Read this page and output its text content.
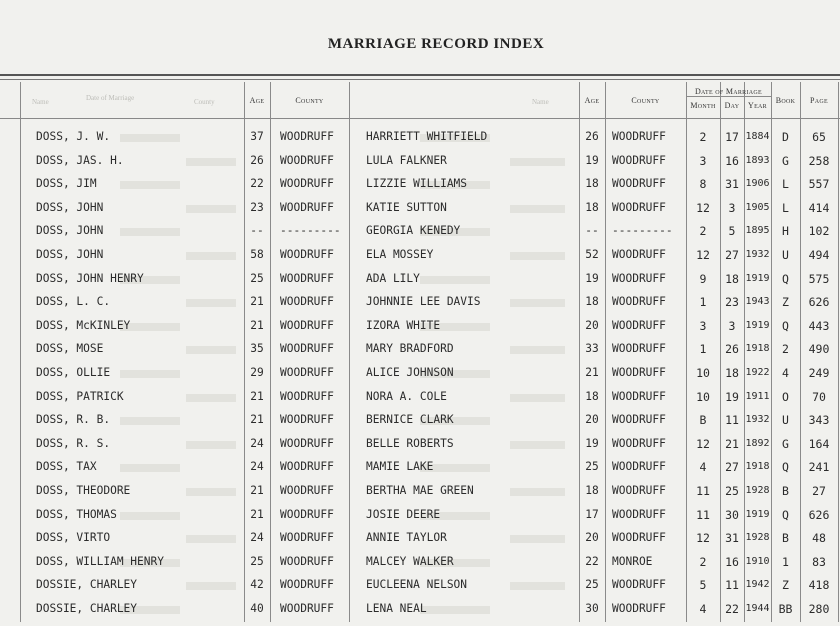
MARRIAGE RECORD INDEX
Name	Date of Marriage	County	Name
Age	County	Age	County
Date of Marriage
Month	Day	Year
Book	Page
DOSS, J. W.	37	WOODRUFF	HARRIETT WHITFIELD	26	WOODRUFF	2	17 1884	D	65
DOSS, JAS. H.	26	WOODRUFF	LULA FALKNER	19	WOODRUFF	3	16 1893	G	258
DOSS, JIM	22	WOODRUFF	LIZZIE WILLIAMS	18	WOODRUFF	8	31 1906	L	557
DOSS, JOHN	23	WOODRUFF	KATIE SUTTON	18	WOODRUFF	12	3 1905	L	414
DOSS, JOHN	--	---------	GEORGIA KENEDY	--	---------	2	5 1895	H	102
DOSS, JOHN	58	WOODRUFF	ELA MOSSEY	52	WOODRUFF	12	27 1932	U	494
DOSS, JOHN HENRY	25	WOODRUFF	ADA LILY	19	WOODRUFF	9	18 1919	Q	575
DOSS, L. C.	21	WOODRUFF	JOHNNIE LEE DAVIS	18	WOODRUFF	1	23 1943	Z	626
DOSS, McKINLEY	21	WOODRUFF	IZORA WHITE	20	WOODRUFF	3	3 1919	Q	443
DOSS, MOSE	35	WOODRUFF	MARY BRADFORD	33	WOODRUFF	1	26 1918	2	490
DOSS, OLLIE	29	WOODRUFF	ALICE JOHNSON	21	WOODRUFF	10	18 1922	4	249
DOSS, PATRICK	21	WOODRUFF	NORA A. COLE	18	WOODRUFF	10	19 1911	O	70
DOSS, R. B.	21	WOODRUFF	BERNICE CLARK	20	WOODRUFF	B	11 1932	U	343
DOSS, R. S.	24	WOODRUFF	BELLE ROBERTS	19	WOODRUFF	12	21 1892	G	164
DOSS, TAX	24	WOODRUFF	MAMIE LAKE	25	WOODRUFF	4	27 1918	Q	241
DOSS, THEODORE	21	WOODRUFF	BERTHA MAE GREEN	18	WOODRUFF	11	25 1928	B	27
DOSS, THOMAS	21	WOODRUFF	JOSIE DEERE	17	WOODRUFF	11	30 1919	Q	626
DOSS, VIRTO	24	WOODRUFF	ANNIE TAYLOR	20	WOODRUFF	12	31 1928	B	48
DOSS, WILLIAM HENRY	25	WOODRUFF	MALCEY WALKER	22	MONROE	2	16 1910	1	83
DOSSIE, CHARLEY	42	WOODRUFF	EUCLEENA NELSON	25	WOODRUFF	5	11 1942	Z	418
DOSSIE, CHARLEY	40	WOODRUFF	LENA NEAL	30	WOODRUFF	4	22 1944 BB	280
